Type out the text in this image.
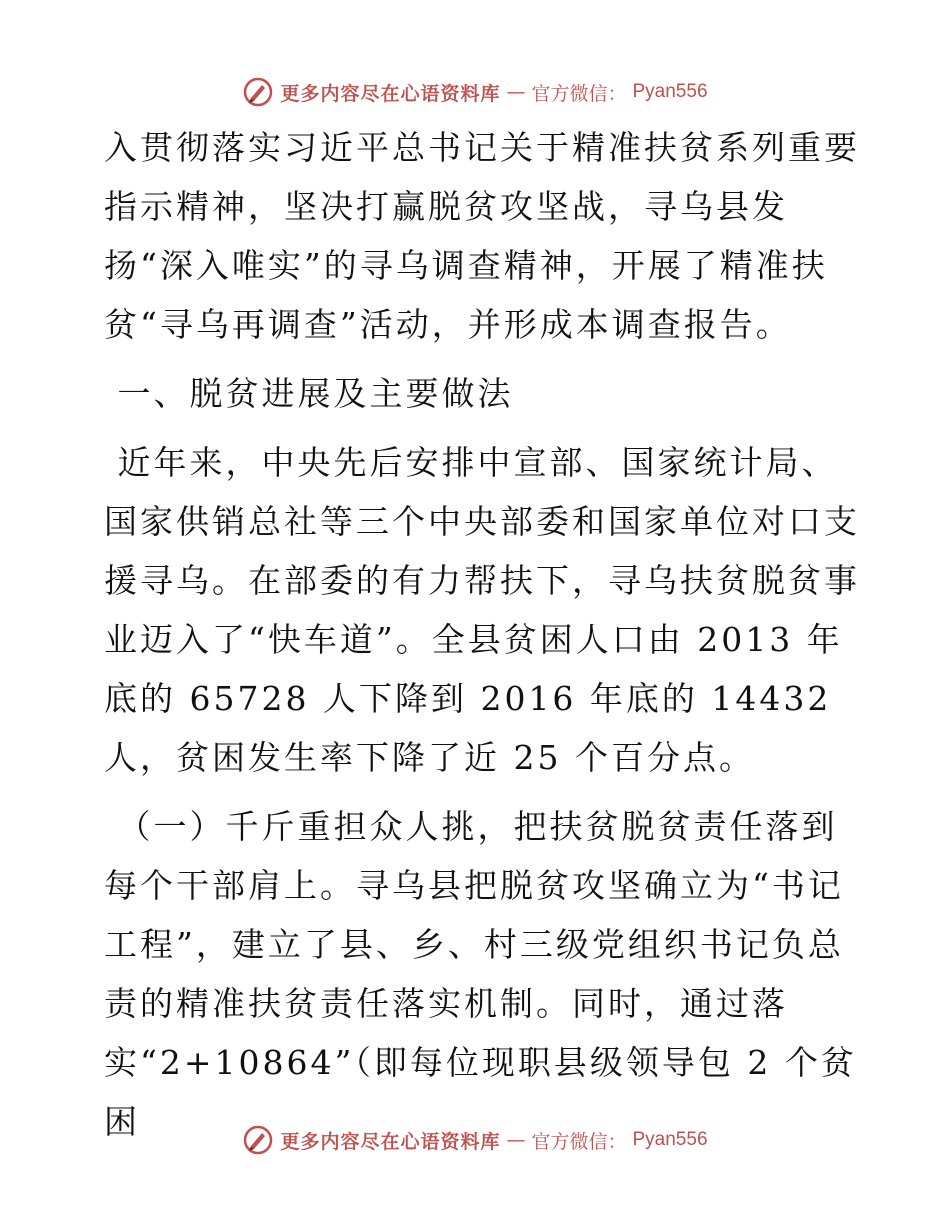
更多内容尽在心语资料库 — 官方微信： Pyan556

入贯彻落实习近平总书记关于精准扶贫系列重要指示精神，坚决打赢脱贫攻坚战，寻乌县发扬“深入唯实”的寻乌调查精神，开展了精准扶贫“寻乌再调查”活动，并形成本调查报告。

一、脱贫进展及主要做法

近年来，中央先后安排中宣部、国家统计局、国家供销总社等三个中央部委和国家单位对口支援寻乌。在部委的有力帮扶下，寻乌扶贫脱贫事业迈入了“快车道”。全县贫困人口由 2013 年底的 65728 人下降到 2016 年底的 14432 人，贫困发生率下降了近 25 个百分点。

（一）千斤重担众人挑，把扶贫脱贫责任落到每个干部肩上。寻乌县把脱贫攻坚确立为“书记工程”，建立了县、乡、村三级党组织书记负总责的精准扶贫责任落实机制。同时，通过落实“2+10864”（即每位现职县级领导包 2 个贫困

更多内容尽在心语资料库 — 官方微信： Pyan556
